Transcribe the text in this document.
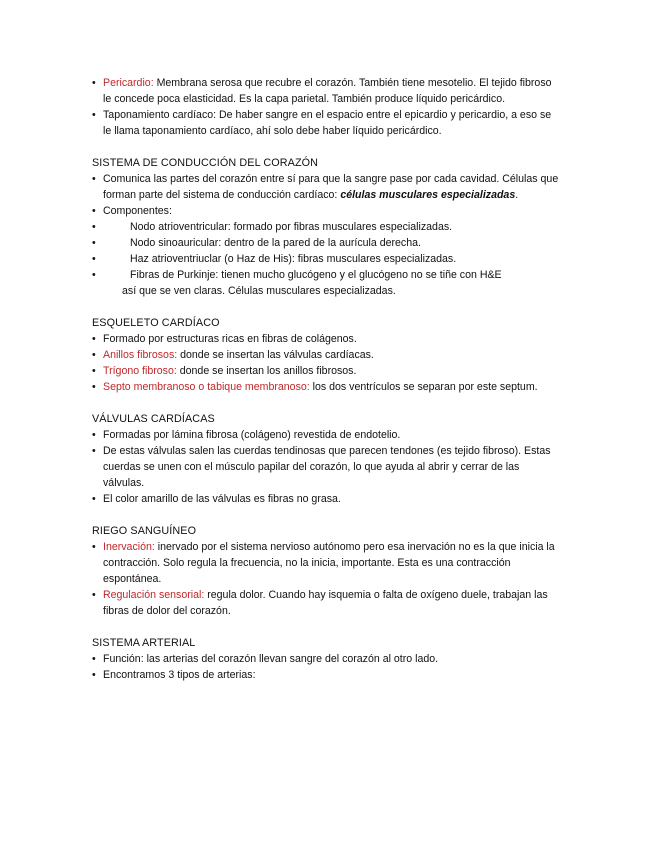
• Pericardio: Membrana serosa que recubre el corazón. También tiene mesotelio. El tejido fibroso le concede poca elasticidad. Es la capa parietal. También produce líquido pericárdico.
• Taponamiento cardíaco: De haber sangre en el espacio entre el epicardio y pericardio, a eso se le llama taponamiento cardíaco, ahí solo debe haber líquido pericárdico.
SISTEMA DE CONDUCCIÓN DEL CORAZÓN
• Comunica las partes del corazón entre sí para que la sangre pase por cada cavidad. Células que forman parte del sistema de conducción cardíaco: células musculares especializadas.
• Componentes:
• Nodo atrioventricular: formado por fibras musculares especializadas.
• Nodo sinoauricular: dentro de la pared de la aurícula derecha.
• Haz atrioventriuclar (o Haz de His): fibras musculares especializadas.
• Fibras de Purkinje: tienen mucho glucógeno y el glucógeno no se tiñe con H&E
así que se ven claras. Células musculares especializadas.
ESQUELETO CARDÍACO
• Formado por estructuras ricas en fibras de colágenos.
• Anillos fibrosos: donde se insertan las válvulas cardíacas.
• Trígono fibroso: donde se insertan los anillos fibrosos.
• Septo membranoso o tabique membranoso: los dos ventrículos se separan por este septum.
VÁLVULAS CARDÍACAS
• Formadas por lámina fibrosa (colágeno) revestida de endotelio.
• De estas válvulas salen las cuerdas tendinosas que parecen tendones (es tejido fibroso). Estas cuerdas se unen con el músculo papilar del corazón, lo que ayuda al abrir y cerrar de las válvulas.
• El color amarillo de las válvulas es fibras no grasa.
RIEGO SANGUÍNEO
• Inervación: inervado por el sistema nervioso autónomo pero esa inervación no es la que inicia la contracción. Solo regula la frecuencia, no la inicia, importante. Esta es una contracción espontánea.
• Regulación sensorial: regula dolor. Cuando hay isquemia o falta de oxígeno duele, trabajan las fibras de dolor del corazón.
SISTEMA ARTERIAL
• Función: las arterias del corazón llevan sangre del corazón al otro lado.
• Encontramos 3 tipos de arterias:
